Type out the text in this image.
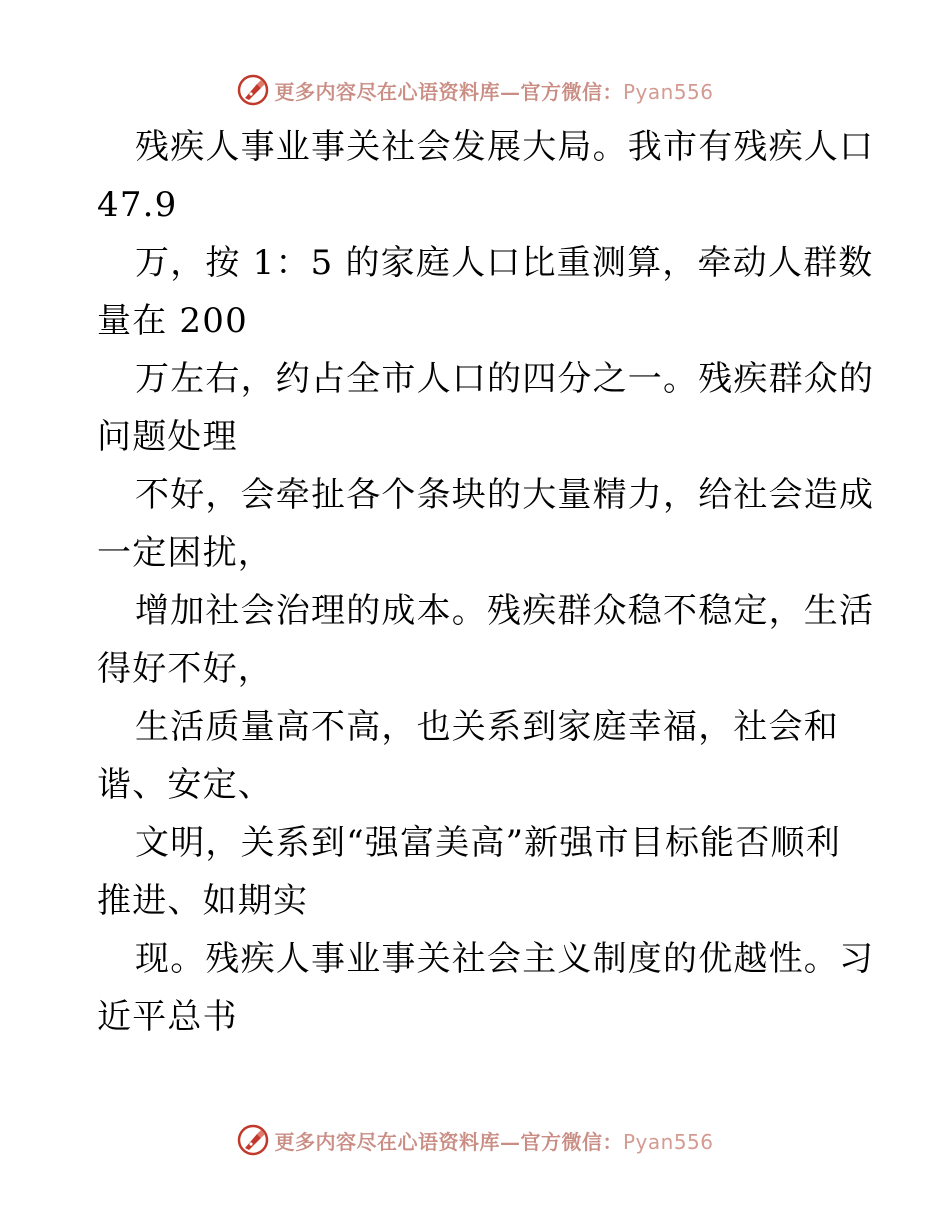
更多内容尽在心语资料库—官方微信：Pyan556
残疾人事业事关社会发展大局。我市有残疾人口
47.9
万，按 1：5 的家庭人口比重测算，牵动人群数
量在 200
万左右，约占全市人口的四分之一。残疾群众的
问题处理
不好，会牵扯各个条块的大量精力，给社会造成
一定困扰，
增加社会治理的成本。残疾群众稳不稳定，生活
得好不好，
生活质量高不高，也关系到家庭幸福，社会和
谐、安定、
文明，关系到“强富美高”新强市目标能否顺利
推进、如期实
现。残疾人事业事关社会主义制度的优越性。习
近平总书
更多内容尽在心语资料库—官方微信：Pyan556
